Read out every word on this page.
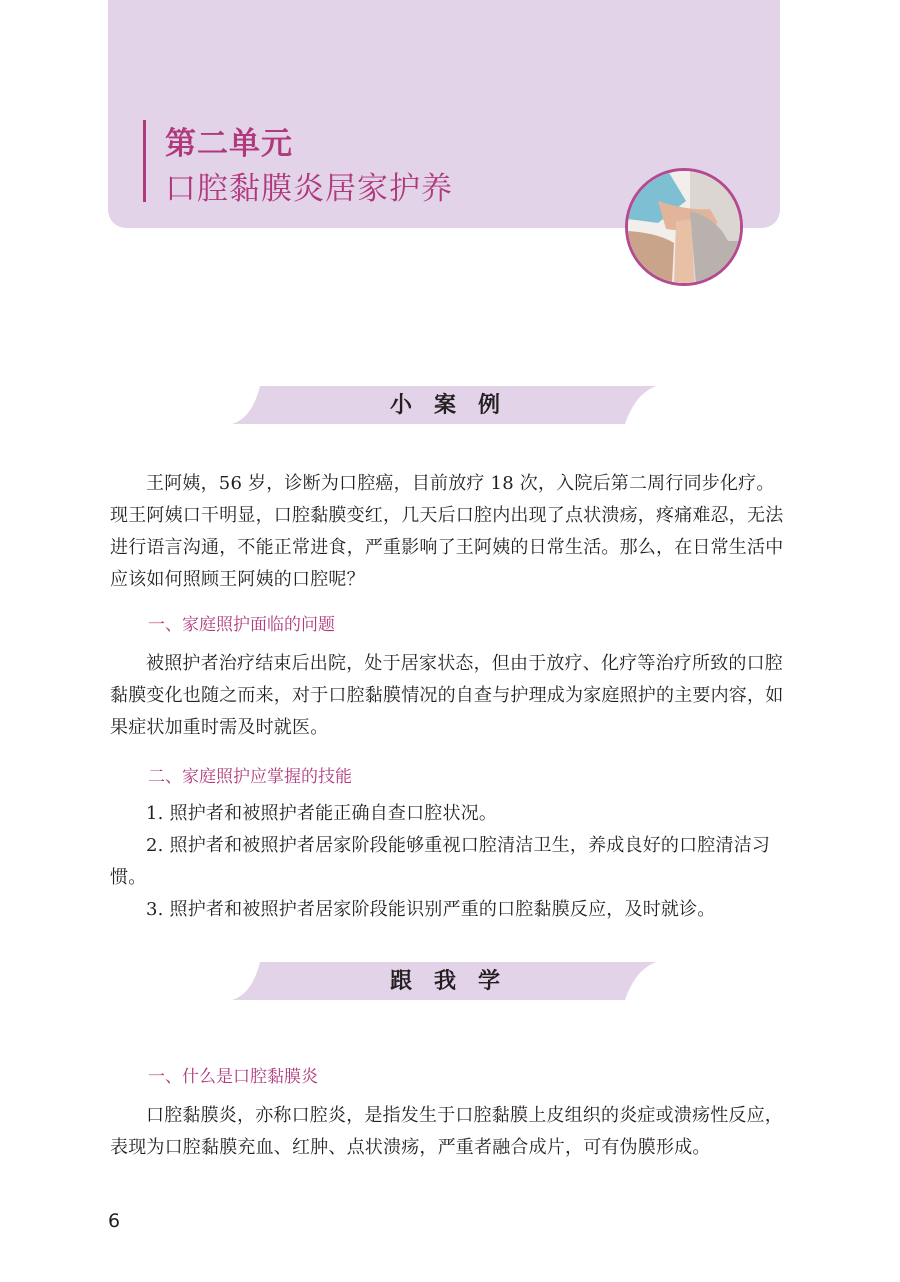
第二单元
口腔黏膜炎居家护养
小案例

王阿姨，56 岁，诊断为口腔癌，目前放疗 18 次，入院后第二周行同步化疗。现王阿姨口干明显，口腔黏膜变红，几天后口腔内出现了点状溃疡，疼痛难忍，无法进行语言沟通，不能正常进食，严重影响了王阿姨的日常生活。那么，在日常生活中应该如何照顾王阿姨的口腔呢？

一、家庭照护面临的问题

被照护者治疗结束后出院，处于居家状态，但由于放疗、化疗等治疗所致的口腔黏膜变化也随之而来，对于口腔黏膜情况的自查与护理成为家庭照护的主要内容，如果症状加重时需及时就医。

二、家庭照护应掌握的技能

1. 照护者和被照护者能正确自查口腔状况。

2. 照护者和被照护者居家阶段能够重视口腔清洁卫生，养成良好的口腔清洁习惯。

3. 照护者和被照护者居家阶段能识别严重的口腔黏膜反应，及时就诊。

跟我学
一、什么是口腔黏膜炎

口腔黏膜炎，亦称口腔炎，是指发生于口腔黏膜上皮组织的炎症或溃疡性反应，表现为口腔黏膜充血、红肿、点状溃疡，严重者融合成片，可有伪膜形成。

6
